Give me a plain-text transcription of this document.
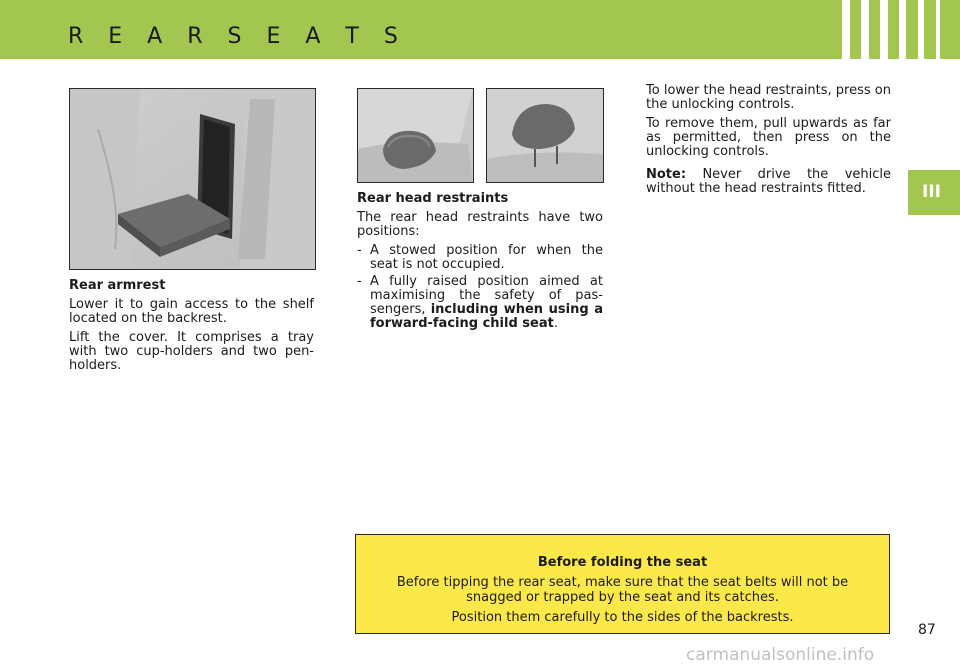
R E A R S E A T S
III

Rear armrest

Lower it to gain access to the shelf located on the backrest.

Lift the cover. It comprises a tray with two cup-holders and two pen-holders.

Rear head restraints

The rear head restraints have two positions:

- A stowed position for when the seat is not occupied.
- A fully raised position aimed at maximising the safety of pas-sengers, including when using a forward-facing child seat.

To lower the head restraints, press on the unlocking controls.

To remove them, pull upwards as far as permitted, then press on the unlocking controls.

Note: Never drive the vehicle without the head restraints fitted.

Before folding the seat

Before tipping the rear seat, make sure that the seat belts will not be snagged or trapped by the seat and its catches.

Position them carefully to the sides of the backrests.

87
carmanualsonline.info
